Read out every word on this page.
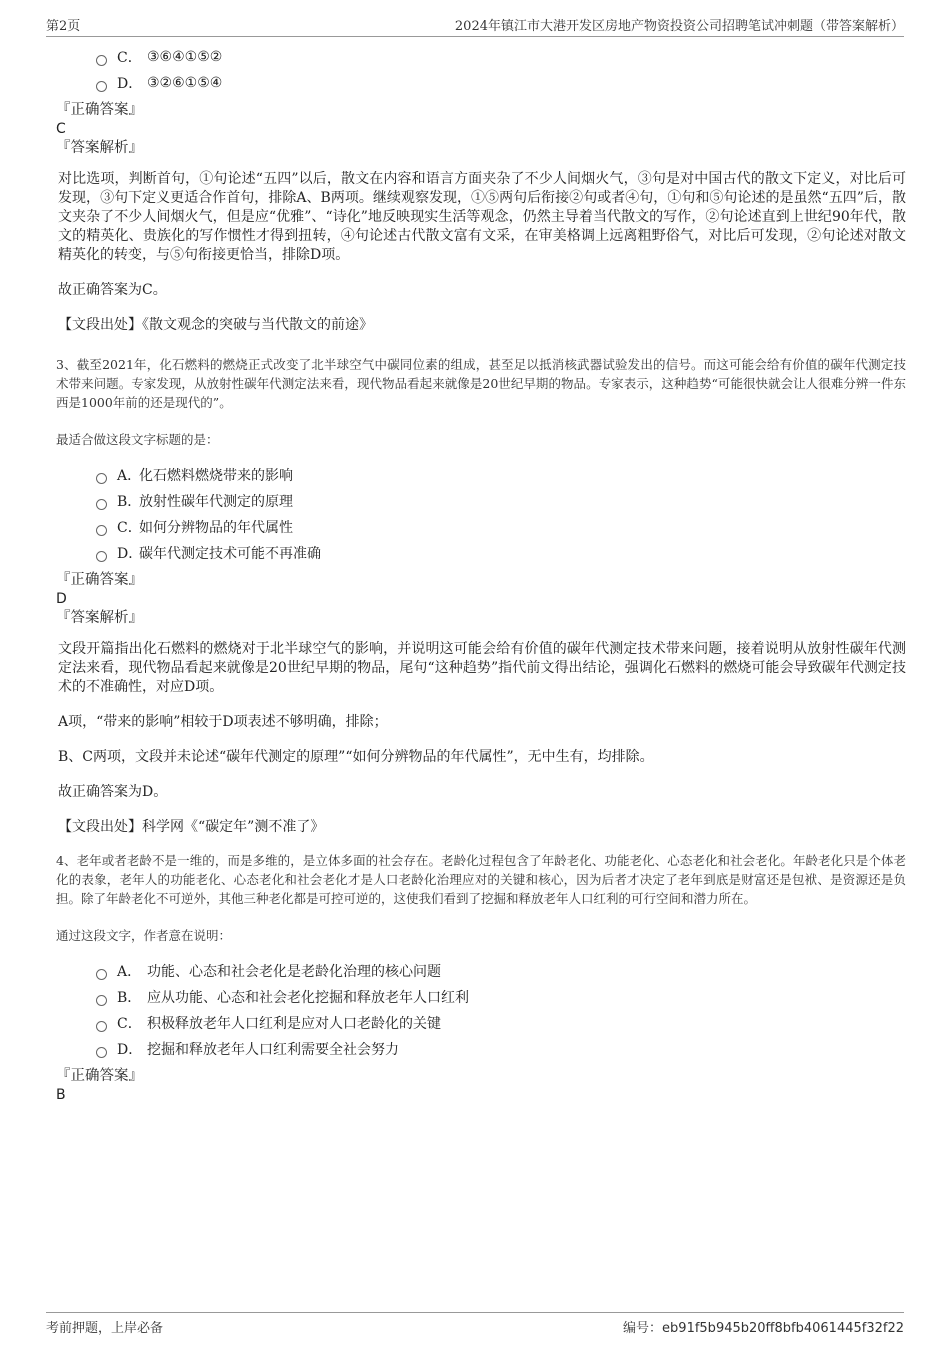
第2页	2024年镇江市大港开发区房地产物资投资公司招聘笔试冲刺题（带答案解析）
C． ③⑥④①⑤②
D． ③②⑥①⑤④
『正确答案』
C
『答案解析』

对比选项，判断首句，①句论述“五四”以后，散文在内容和语言方面夹杂了不少人间烟火气，③句是对中国古代的散文下定义，对比后可发现，③句下定义更适合作首句，排除A、B两项。继续观察发现，①⑤两句后衔接②句或者④句，①句和⑤句论述的是虽然“五四”后，散文夹杂了不少人间烟火气，但是应“优雅”、“诗化”地反映现实生活等观念，仍然主导着当代散文的写作，②句论述直到上世纪90年代，散文的精英化、贵族化的写作惯性才得到扭转，④句论述古代散文富有文采，在审美格调上远离粗野俗气，对比后可发现，②句论述对散文精英化的转变，与⑤句衔接更恰当，排除D项。

故正确答案为C。

【文段出处】《散文观念的突破与当代散文的前途》

3、截至2021年，化石燃料的燃烧正式改变了北半球空气中碳同位素的组成，甚至足以抵消核武器试验发出的信号。而这可能会给有价值的碳年代测定技术带来问题。专家发现，从放射性碳年代测定法来看，现代物品看起来就像是20世纪早期的物品。专家表示，这种趋势“可能很快就会让人很难分辨一件东西是1000年前的还是现代的”。

最适合做这段文字标题的是：

A．
化石燃料燃烧带来的影响
B．
放射性碳年代测定的原理
C．
如何分辨物品的年代属性
D．
碳年代测定技术可能不再准确
『正确答案』
D
『答案解析』

文段开篇指出化石燃料的燃烧对于北半球空气的影响，并说明这可能会给有价值的碳年代测定技术带来问题，接着说明从放射性碳年代测定法来看，现代物品看起来就像是20世纪早期的物品，尾句“这种趋势”指代前文得出结论，强调化石燃料的燃烧可能会导致碳年代测定技术的不准确性，对应D项。

A项，“带来的影响”相较于D项表述不够明确，排除；

B、C两项，文段并未论述“碳年代测定的原理”“如何分辨物品的年代属性”，无中生有，均排除。

故正确答案为D。

【文段出处】科学网《“碳定年”测不准了》

4、老年或者老龄不是一维的，而是多维的，是立体多面的社会存在。老龄化过程包含了年龄老化、功能老化、心态老化和社会老化。年龄老化只是个体老化的表象，老年人的功能老化、心态老化和社会老化才是人口老龄化治理应对的关键和核心，因为后者才决定了老年到底是财富还是包袱、是资源还是负担。除了年龄老化不可逆外，其他三种老化都是可控可逆的，这使我们看到了挖掘和释放老年人口红利的可行空间和潜力所在。

通过这段文字，作者意在说明：

A． 功能、心态和社会老化是老龄化治理的核心问题
B． 应从功能、心态和社会老化挖掘和释放老年人口红利
C． 积极释放老年人口红利是应对人口老龄化的关键
D． 挖掘和释放老年人口红利需要全社会努力
『正确答案』
B
考前押题，上岸必备	编号：eb91f5b945b20ff8bfb4061445f32f22
